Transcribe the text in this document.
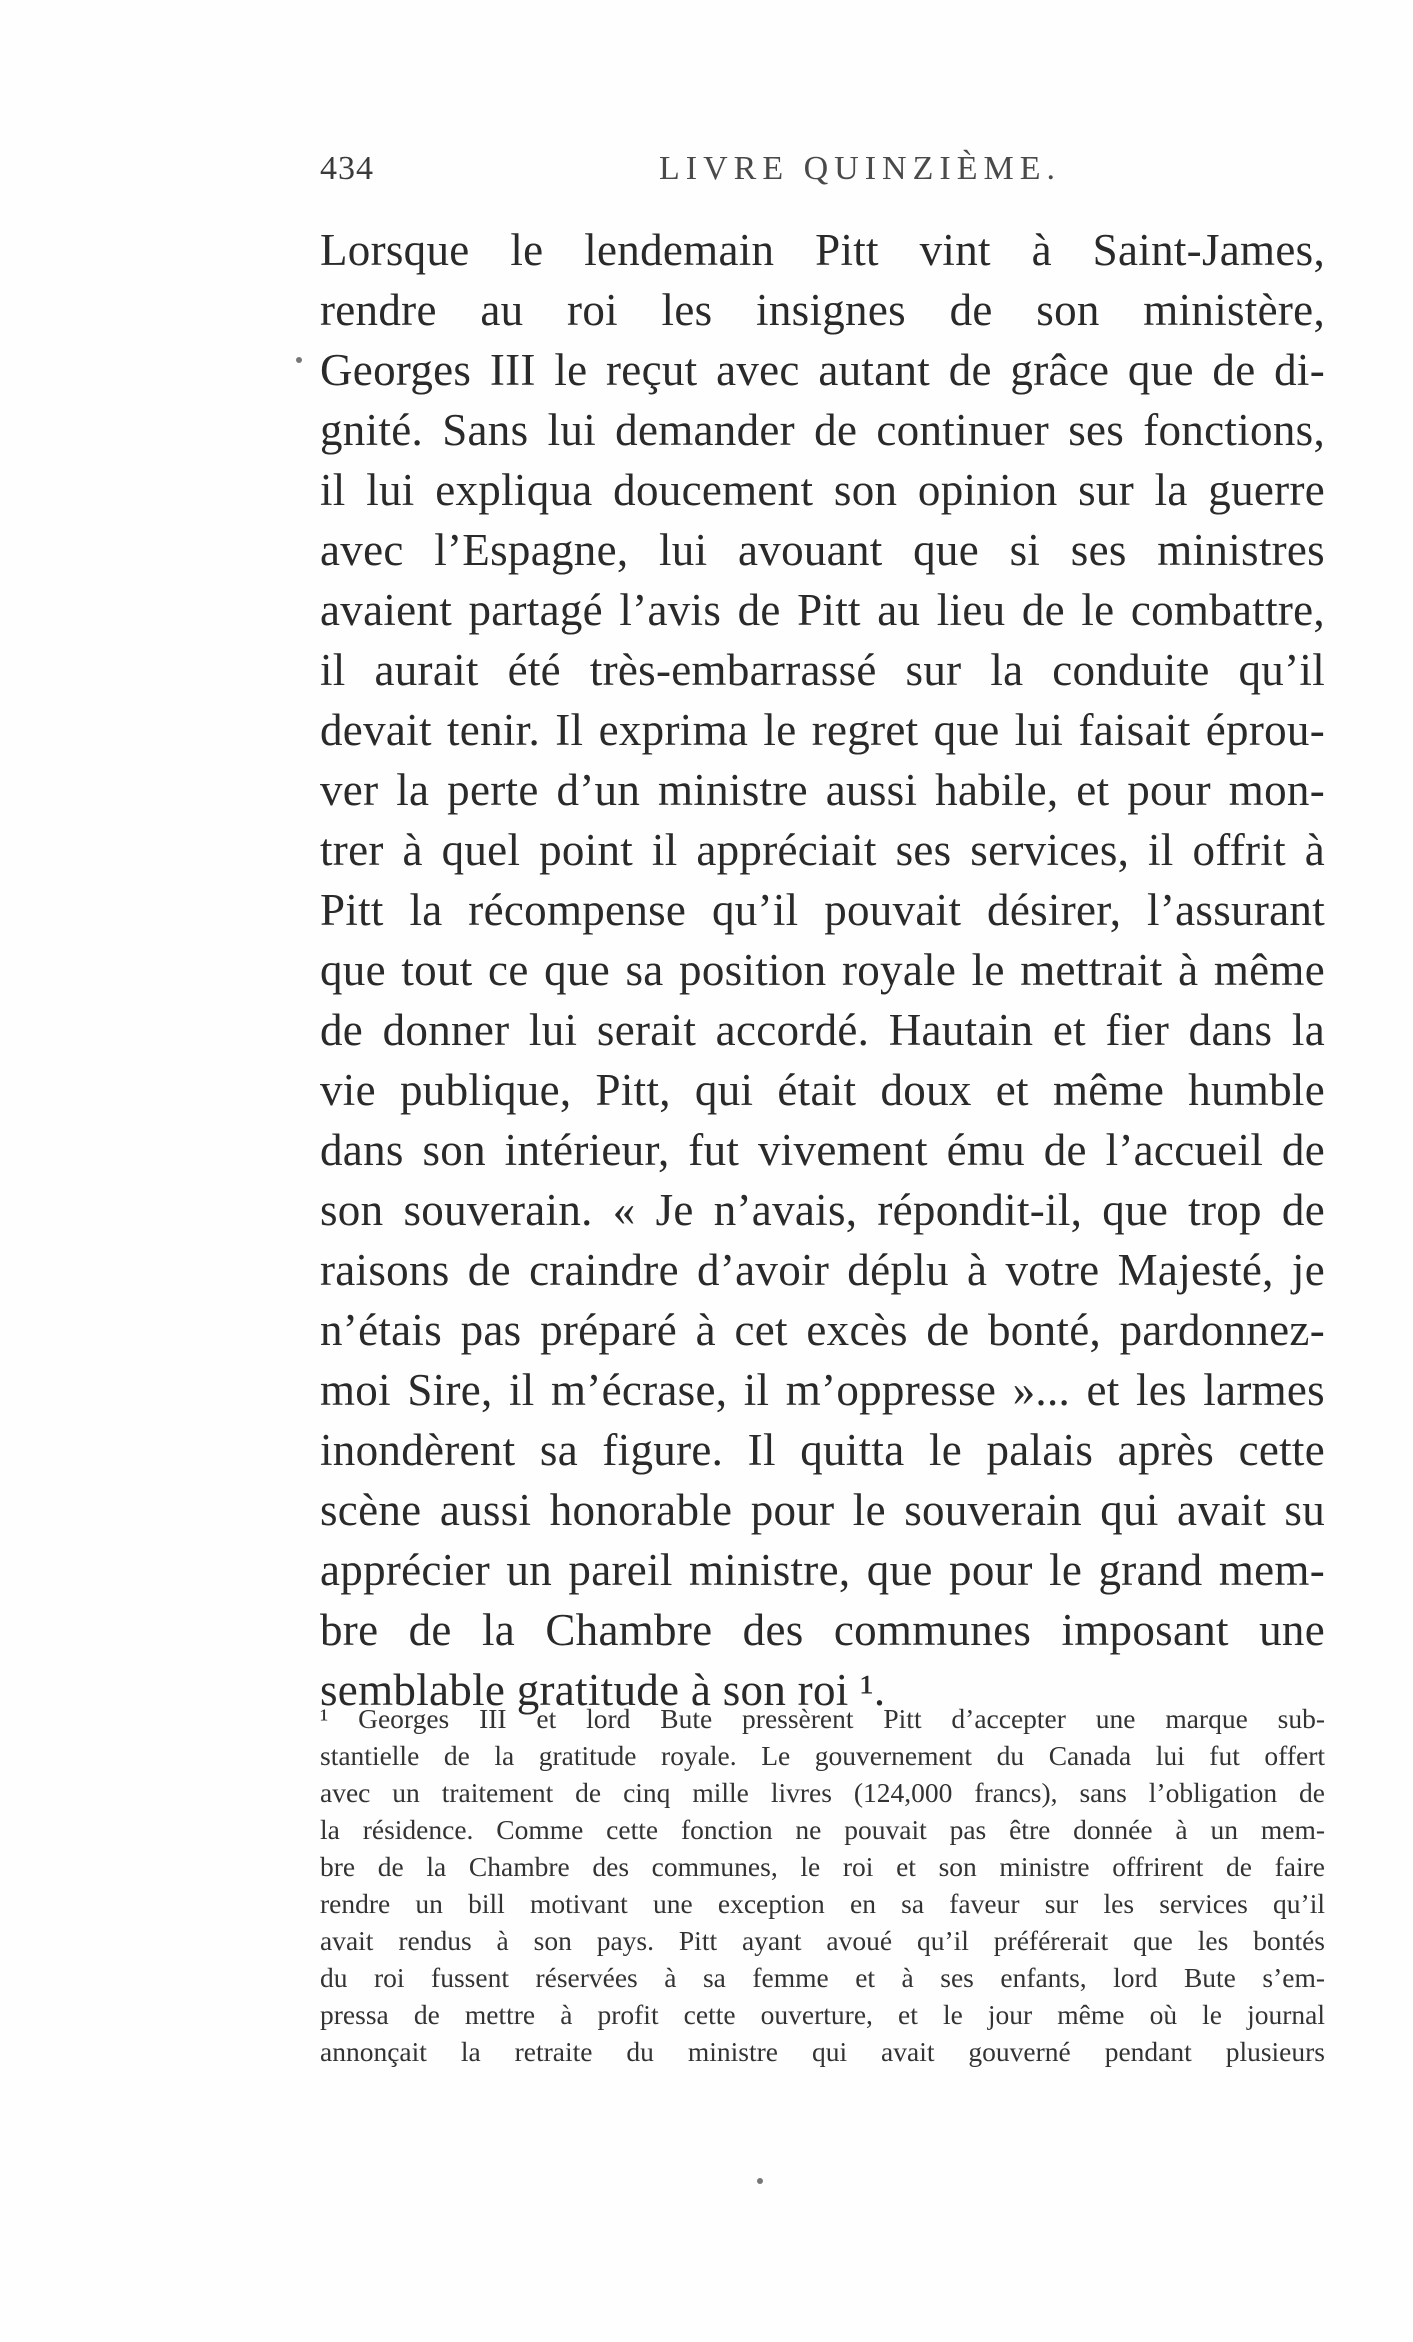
434	LIVRE QUINZIÈME.
Lorsque le lendemain Pitt vint à Saint-James,
rendre au roi les insignes de son ministère,
Georges III le reçut avec autant de grâce que de di-
gnité. Sans lui demander de continuer ses fonctions,
il lui expliqua doucement son opinion sur la guerre
avec l’Espagne, lui avouant que si ses ministres
avaient partagé l’avis de Pitt au lieu de le combattre,
il aurait été très-embarrassé sur la conduite qu’il
devait tenir. Il exprima le regret que lui faisait éprou-
ver la perte d’un ministre aussi habile, et pour mon-
trer à quel point il appréciait ses services, il offrit à
Pitt la récompense qu’il pouvait désirer, l’assurant
que tout ce que sa position royale le mettrait à même
de donner lui serait accordé. Hautain et fier dans la
vie publique, Pitt, qui était doux et même humble
dans son intérieur, fut vivement ému de l’accueil de
son souverain. « Je n’avais, répondit-il, que trop de
raisons de craindre d’avoir déplu à votre Majesté, je
n’étais pas préparé à cet excès de bonté, pardonnez-
moi Sire, il m’écrase, il m’oppresse »... et les larmes
inondèrent sa figure. Il quitta le palais après cette
scène aussi honorable pour le souverain qui avait su
apprécier un pareil ministre, que pour le grand mem-
bre de la Chambre des communes imposant une
semblable gratitude à son roi ¹.
¹ Georges III et lord Bute pressèrent Pitt d’accepter une marque sub-
stantielle de la gratitude royale. Le gouvernement du Canada lui fut offert
avec un traitement de cinq mille livres (124,000 francs), sans l’obligation de
la résidence. Comme cette fonction ne pouvait pas être donnée à un mem-
bre de la Chambre des communes, le roi et son ministre offrirent de faire
rendre un bill motivant une exception en sa faveur sur les services qu’il
avait rendus à son pays. Pitt ayant avoué qu’il préférerait que les bontés
du roi fussent réservées à sa femme et à ses enfants, lord Bute s’em-
pressa de mettre à profit cette ouverture, et le jour même où le journal
annonçait la retraite du ministre qui avait gouverné pendant plusieurs
